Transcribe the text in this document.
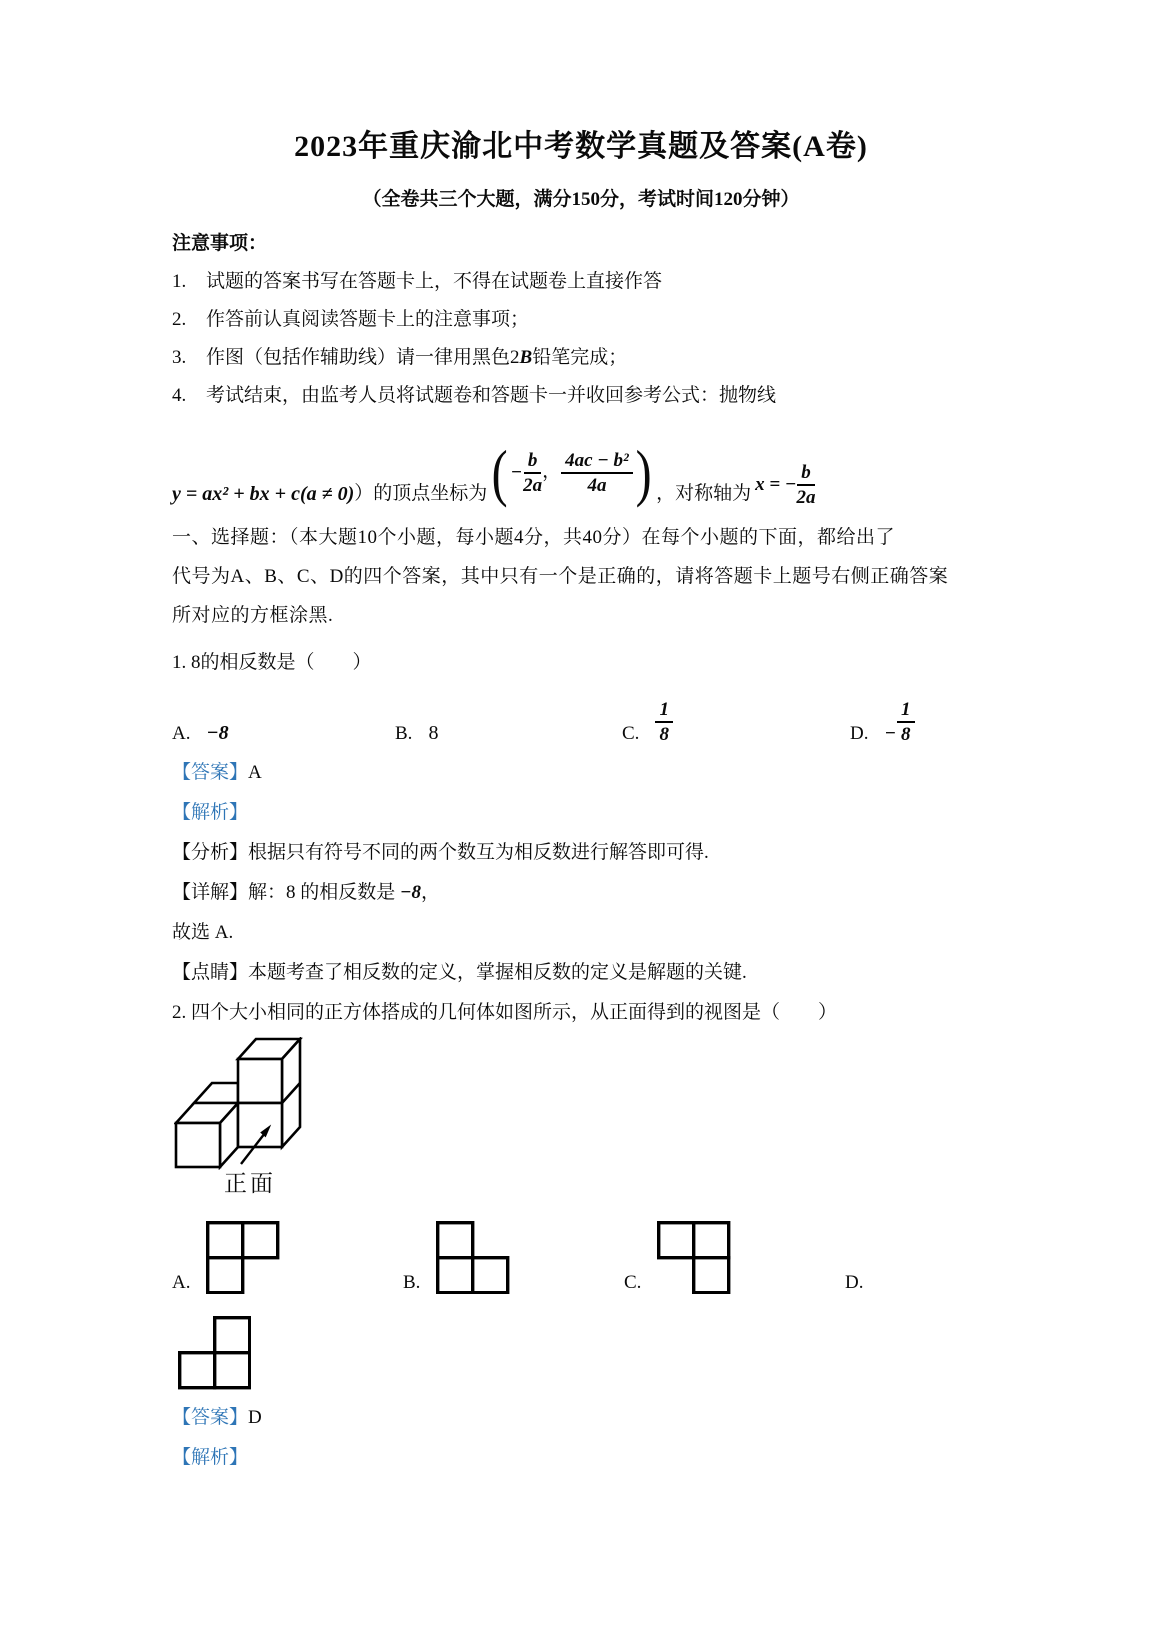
2023年重庆渝北中考数学真题及答案(A卷)
（全卷共三个大题，满分150分，考试时间120分钟）
注意事项：
1.	试题的答案书写在答题卡上，不得在试题卷上直接作答
2.	作答前认真阅读答题卡上的注意事项；
3.	作图（包括作辅助线）请一律用黑色2B铅笔完成；
4.	考试结束，由监考人员将试题卷和答题卡一并收回参考公式：抛物线
y = ax² + bx + c(a ≠ 0) ）的顶点坐标为 ( − $\frac{b}{2a}$ ， $\frac{\text{4ac − b²}}{4a}$ ) ，对称轴为 x = − $\frac{b}{2a}$
一、选择题：（本大题10个小题，每小题4分，共40分）在每个小题的下面，都给出了
代号为A、B、C、D的四个答案，其中只有一个是正确的，请将答题卡上题号右侧正确答案
所对应的方框涂黑.
1. 8的相反数是（　　）
A. −8	B. 8	C. $\frac{1}{8}$	D. − $\frac{1}{8}$
【答案】A
【解析】
【分析】根据只有符号不同的两个数互为相反数进行解答即可得.
【详解】解：8 的相反数是 −8，
故选 A.
【点睛】本题考查了相反数的定义，掌握相反数的定义是解题的关键.
2. 四个大小相同的正方体搭成的几何体如图所示，从正面得到的视图是（　　）
正面
A.	B.	C.	D.
【答案】D
【解析】
